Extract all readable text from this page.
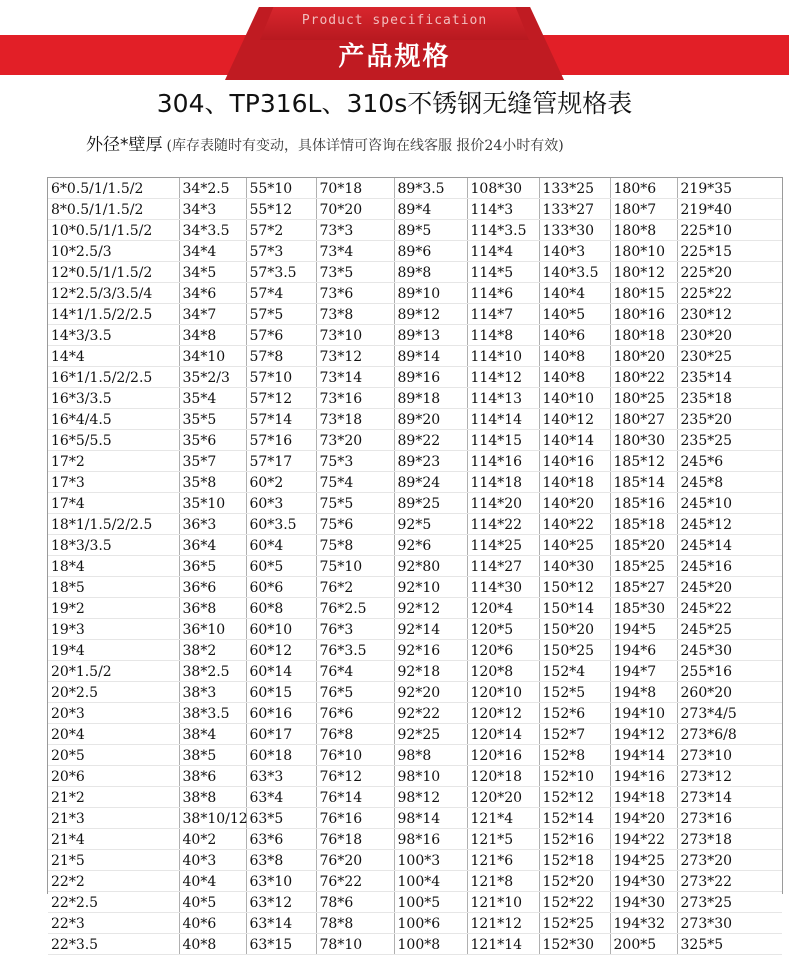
Product specification
产品规格
304、TP316L、310s不锈钢无缝管规格表
外径*壁厚 (库存表随时有变动，具体详情可咨询在线客服 报价24小时有效)
6*0.5/1/1.5/2	34*2.5	55*10	70*18	89*3.5	108*30	133*25	180*6	219*35
8*0.5/1/1.5/2	34*3	55*12	70*20	89*4	114*3	133*27	180*7	219*40
10*0.5/1/1.5/2	34*3.5	57*2	73*3	89*5	114*3.5	133*30	180*8	225*10
10*2.5/3	34*4	57*3	73*4	89*6	114*4	140*3	180*10	225*15
12*0.5/1/1.5/2	34*5	57*3.5	73*5	89*8	114*5	140*3.5	180*12	225*20
12*2.5/3/3.5/4	34*6	57*4	73*6	89*10	114*6	140*4	180*15	225*22
14*1/1.5/2/2.5	34*7	57*5	73*8	89*12	114*7	140*5	180*16	230*12
14*3/3.5	34*8	57*6	73*10	89*13	114*8	140*6	180*18	230*20
14*4	34*10	57*8	73*12	89*14	114*10	140*8	180*20	230*25
16*1/1.5/2/2.5	35*2/3	57*10	73*14	89*16	114*12	140*8	180*22	235*14
16*3/3.5	35*4	57*12	73*16	89*18	114*13	140*10	180*25	235*18
16*4/4.5	35*5	57*14	73*18	89*20	114*14	140*12	180*27	235*20
16*5/5.5	35*6	57*16	73*20	89*22	114*15	140*14	180*30	235*25
17*2	35*7	57*17	75*3	89*23	114*16	140*16	185*12	245*6
17*3	35*8	60*2	75*4	89*24	114*18	140*18	185*14	245*8
17*4	35*10	60*3	75*5	89*25	114*20	140*20	185*16	245*10
18*1/1.5/2/2.5	36*3	60*3.5	75*6	92*5	114*22	140*22	185*18	245*12
18*3/3.5	36*4	60*4	75*8	92*6	114*25	140*25	185*20	245*14
18*4	36*5	60*5	75*10	92*80	114*27	140*30	185*25	245*16
18*5	36*6	60*6	76*2	92*10	114*30	150*12	185*27	245*20
19*2	36*8	60*8	76*2.5	92*12	120*4	150*14	185*30	245*22
19*3	36*10	60*10	76*3	92*14	120*5	150*20	194*5	245*25
19*4	38*2	60*12	76*3.5	92*16	120*6	150*25	194*6	245*30
20*1.5/2	38*2.5	60*14	76*4	92*18	120*8	152*4	194*7	255*16
20*2.5	38*3	60*15	76*5	92*20	120*10	152*5	194*8	260*20
20*3	38*3.5	60*16	76*6	92*22	120*12	152*6	194*10	273*4/5
20*4	38*4	60*17	76*8	92*25	120*14	152*7	194*12	273*6/8
20*5	38*5	60*18	76*10	98*8	120*16	152*8	194*14	273*10
20*6	38*6	63*3	76*12	98*10	120*18	152*10	194*16	273*12
21*2	38*8	63*4	76*14	98*12	120*20	152*12	194*18	273*14
21*3	38*10/12	63*5	76*16	98*14	121*4	152*14	194*20	273*16
21*4	40*2	63*6	76*18	98*16	121*5	152*16	194*22	273*18
21*5	40*3	63*8	76*20	100*3	121*6	152*18	194*25	273*20
22*2	40*4	63*10	76*22	100*4	121*8	152*20	194*30	273*22
22*2.5	40*5	63*12	78*6	100*5	121*10	152*22	194*30	273*25
22*3	40*6	63*14	78*8	100*6	121*12	152*25	194*32	273*30
22*3.5	40*8	63*15	78*10	100*8	121*14	152*30	200*5	325*5
